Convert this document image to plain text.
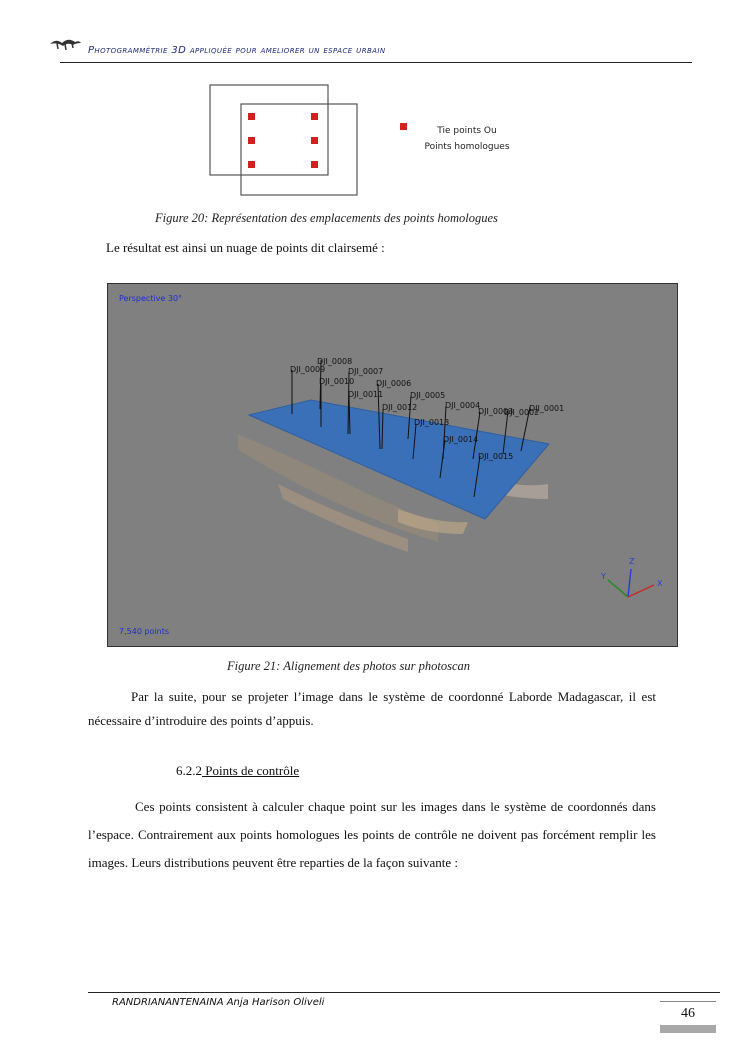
Photogrammétrie 3D appliquée pour ameliorer un espace urbain
Tie points Ou
Points homologues
Figure 20: Représentation des emplacements des points homologues
Le résultat est ainsi un nuage de points dit clairsemé :
Perspective 30°
DJI_0008
DJI_0009	DJI_0007
DJI_0010	DJI_0006
DJI_0011	DJI_0005
DJI_0012	DJI_0004
DJI_0013
DJI_0003
DJI_0002
DJI_0001
DJI_0014
DJI_0015
Z
Y
X
7,540 points
Figure 21: Alignement des photos sur photoscan
Par la suite, pour se projeter l’image dans le système de coordonné Laborde Madagascar, il est nécessaire d’introduire des points d’appuis.
6.2.2 Points de contrôle
Ces points consistent à calculer chaque point sur les images dans le système de coordonnés dans l’espace. Contrairement aux points homologues les points de contrôle ne doivent pas forcément remplir les images. Leurs distributions peuvent être reparties de la façon suivante :
RANDRIANANTENAINA Anja Harison Oliveli
46
